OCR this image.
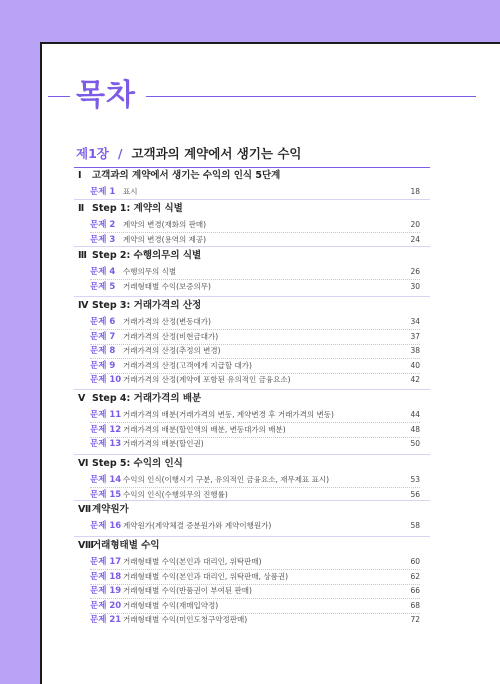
목차
제1장 / 고객과의 계약에서 생기는 수익
Ⅰ 고객과의 계약에서 생기는 수익의 인식 5단계
문제 1 표시	18
Ⅱ Step 1: 계약의 식별
문제 2 계약의 변경(재화의 판매)	20
문제 3 계약의 변경(용역의 제공)	24
Ⅲ Step 2: 수행의무의 식별
문제 4 수행의무의 식별	26
문제 5 거래형태별 수익(보증의무)	30
Ⅳ Step 3: 거래가격의 산정
문제 6 거래가격의 산정(변동대가)	34
문제 7 거래가격의 산정(비현금대가)	37
문제 8 거래가격의 산정(추정의 변경)	38
문제 9 거래가격의 산정(고객에게 지급할 대가)	40
문제 10 거래가격의 산정(계약에 포함된 유의적인 금융요소)	42
Ⅴ Step 4: 거래가격의 배분
문제 11 거래가격의 배분(거래가격의 변동, 계약변경 후 거래가격의 변동)	44
문제 12 거래가격의 배분(할인액의 배분, 변동대가의 배분)	48
문제 13 거래가격의 배분(할인권)	50
Ⅵ Step 5: 수익의 인식
문제 14 수익의 인식(이행시기 구분, 유의적인 금융요소, 재무제표 표시)	53
문제 15 수익의 인식(수행의무의 진행률)	56
Ⅶ계약원가
문제 16 계약원가(계약체결 증분원가와 계약이행원가)	58
Ⅷ거래형태별 수익
문제 17 거래형태별 수익(본인과 대리인, 위탁판매)	60
문제 18 거래형태별 수익(본인과 대리인, 위탁판매, 상품권)	62
문제 19 거래형태별 수익(반품권이 부여된 판매)	66
문제 20 거래형태별 수익(재매입약정)	68
문제 21 거래형태별 수익(미인도청구약정판매)	72
